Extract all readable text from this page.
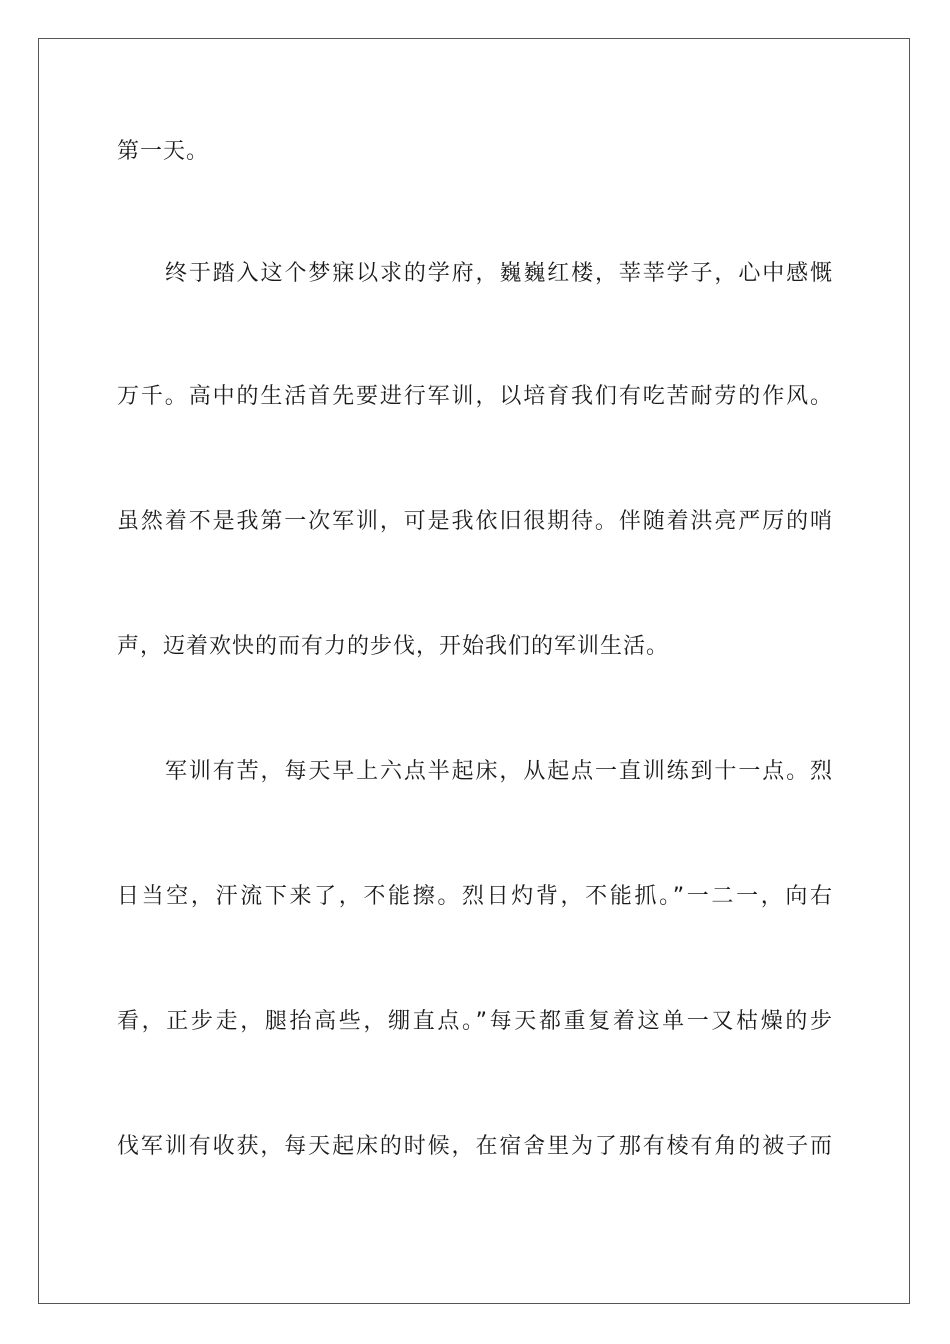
第一天。

终于踏入这个梦寐以求的学府，巍巍红楼，莘莘学子，心中感慨

万千。高中的生活首先要进行军训，以培育我们有吃苦耐劳的作风。

虽然着不是我第一次军训，可是我依旧很期待。伴随着洪亮严厉的哨

声，迈着欢快的而有力的步伐，开始我们的军训生活。

军训有苦，每天早上六点半起床，从起点一直训练到十一点。烈

日当空，汗流下来了，不能擦。烈日灼背，不能抓。”一二一，向右

看，正步走，腿抬高些，绷直点。”每天都重复着这单一又枯燥的步

伐军训有收获，每天起床的时候，在宿舍里为了那有棱有角的被子而
